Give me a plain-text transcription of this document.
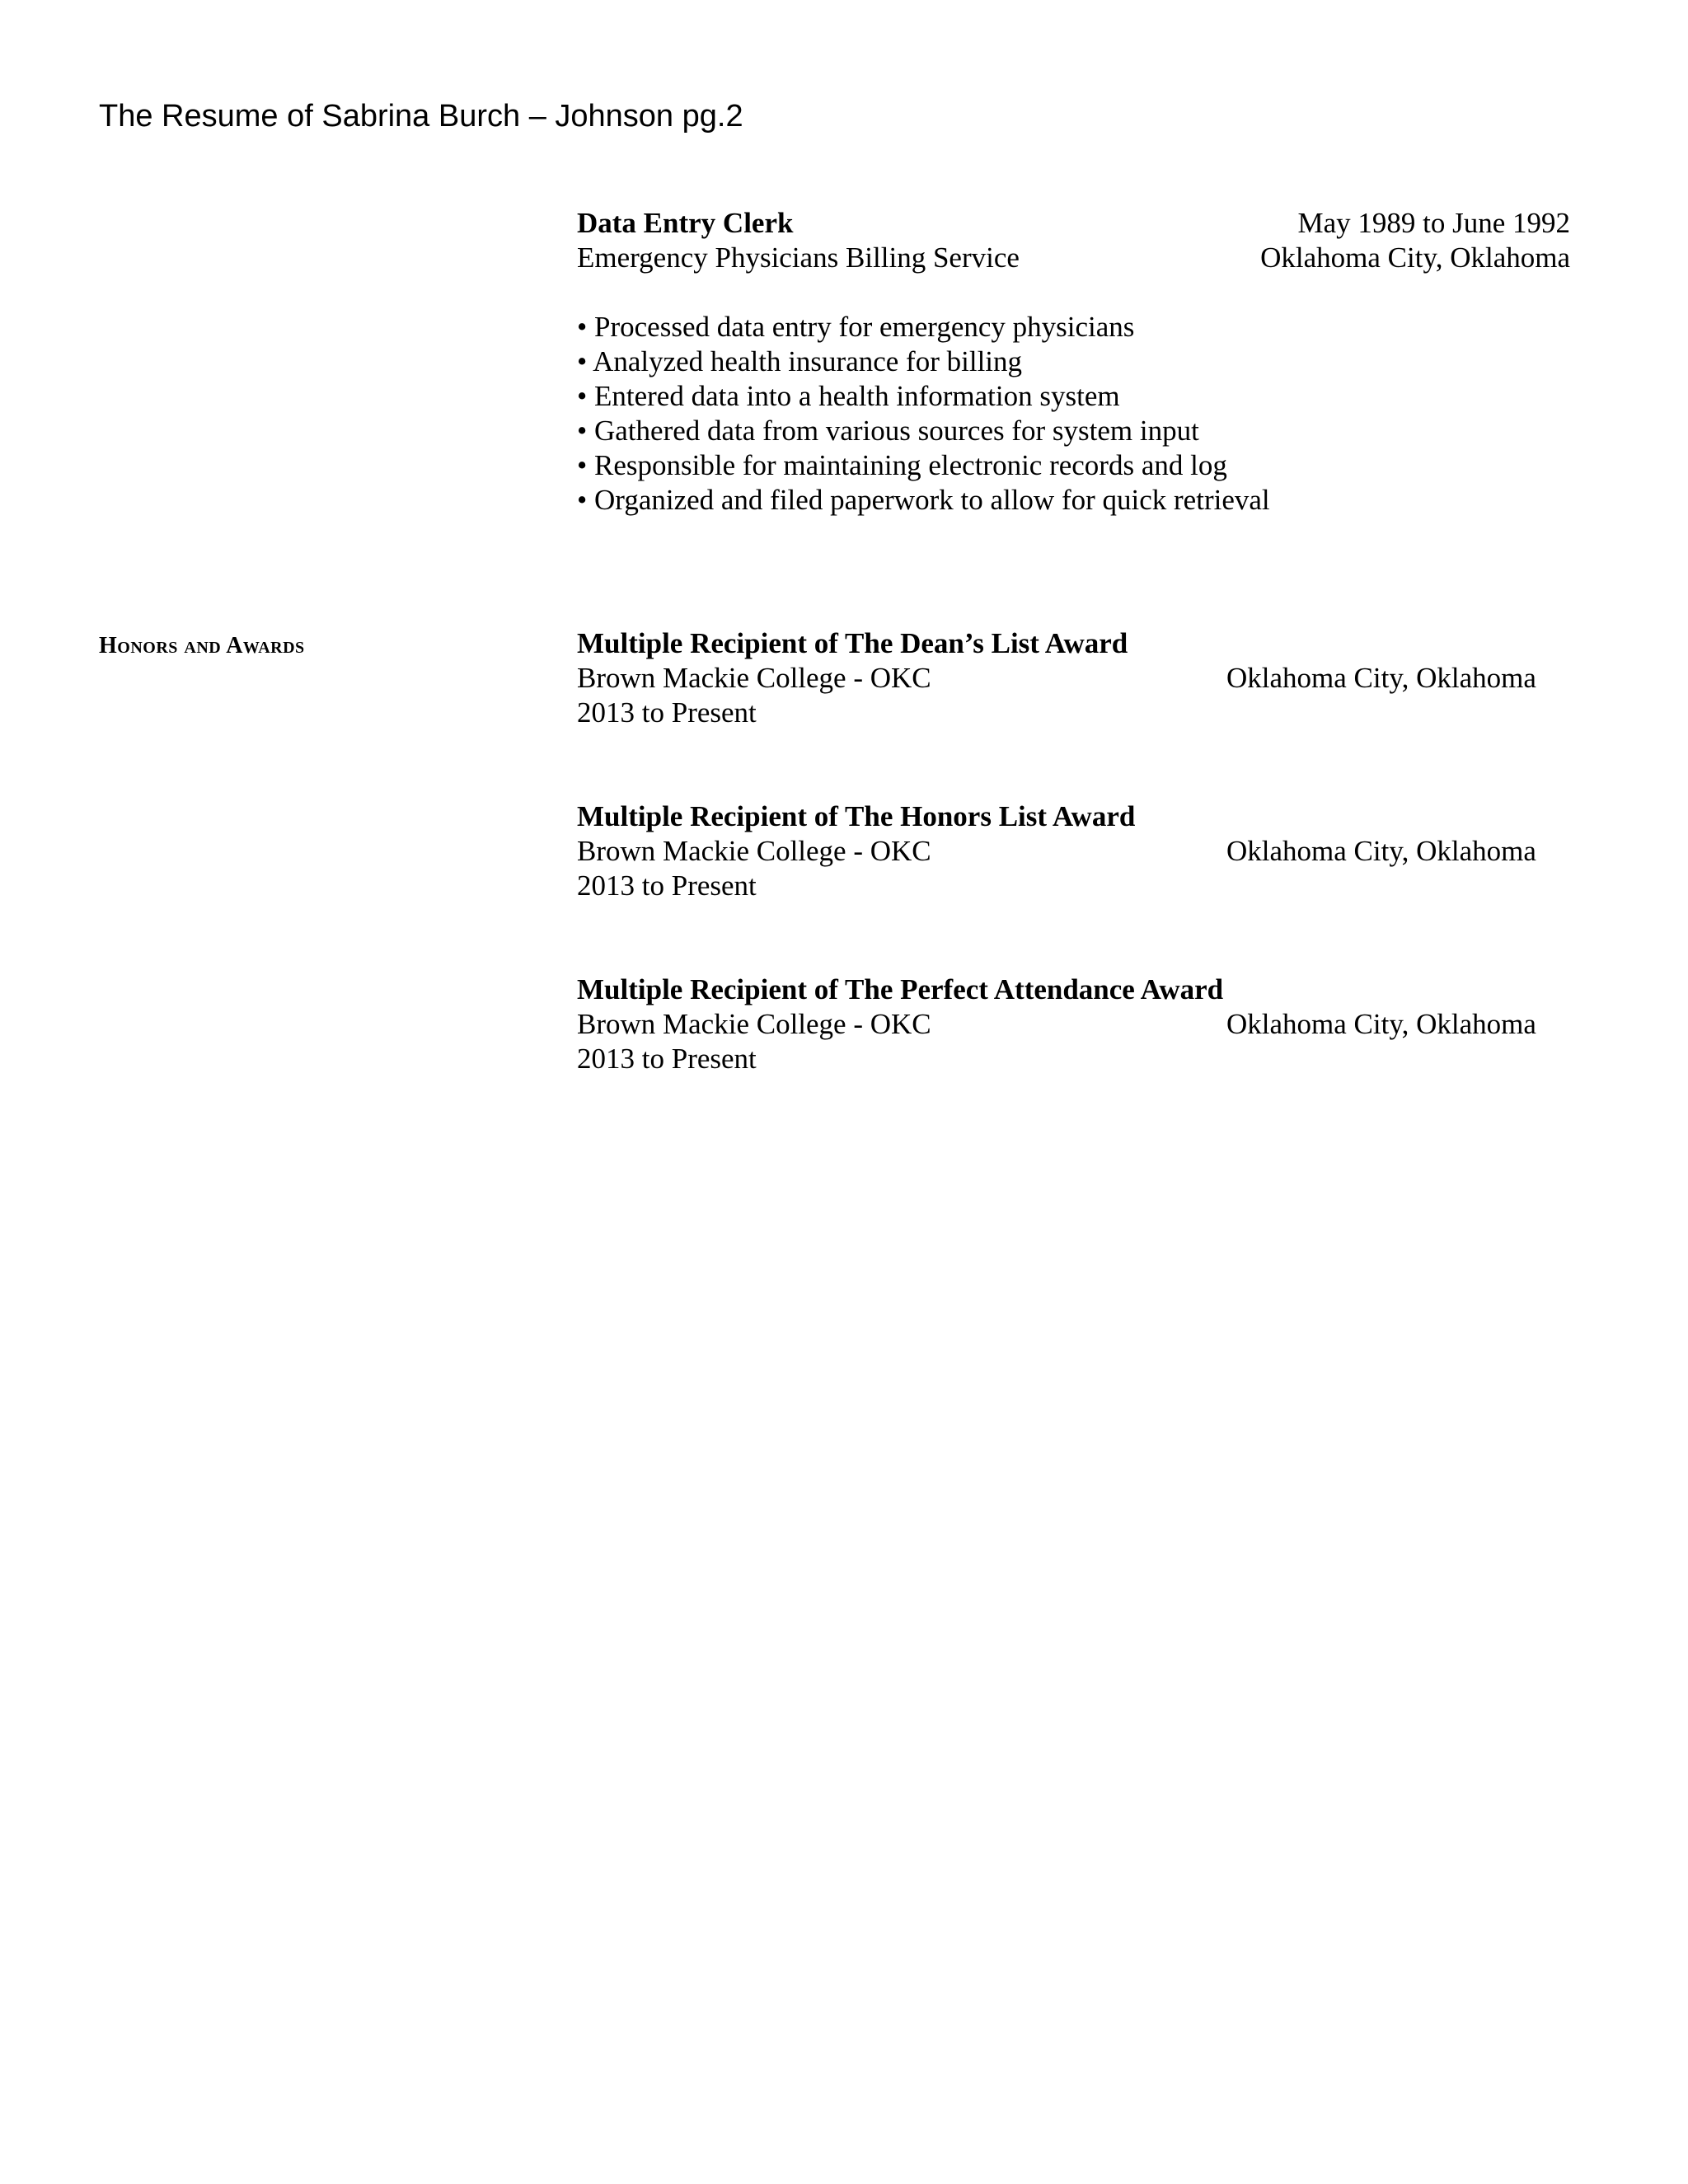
The Resume of Sabrina Burch – Johnson pg.2
Data Entry Clerk	May 1989 to June 1992
Emergency Physicians Billing Service	Oklahoma City, Oklahoma
• Processed data entry for emergency physicians
• Analyzed health insurance for billing
• Entered data into a health information system
• Gathered data from various sources for system input
• Responsible for maintaining electronic records and log
• Organized and filed paperwork to allow for quick retrieval
Honors and Awards	Multiple Recipient of The Dean’s List Award
Brown Mackie College - OKC	Oklahoma City, Oklahoma
2013 to Present
Multiple Recipient of The Honors List Award
Brown Mackie College - OKC	Oklahoma City, Oklahoma
2013 to Present
Multiple Recipient of The Perfect Attendance Award
Brown Mackie College - OKC	Oklahoma City, Oklahoma
2013 to Present
